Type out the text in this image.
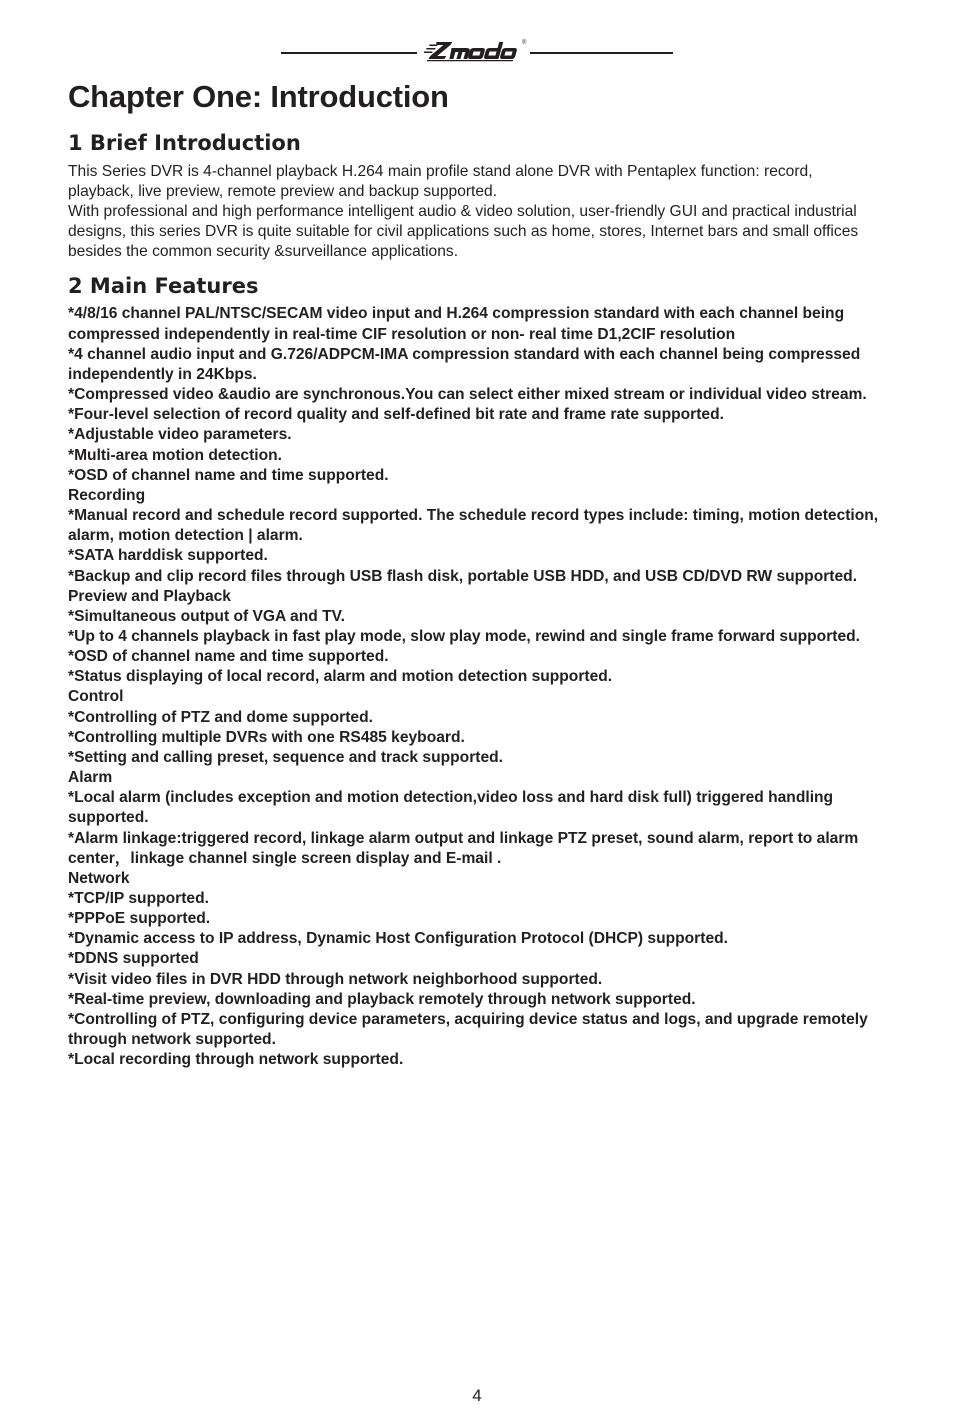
®
Chapter One: Introduction
1 Brief Introduction

This Series DVR is 4-channel playback H.264 main profile stand alone DVR with Pentaplex function: record, playback, live preview, remote preview and backup supported.

With professional and high performance intelligent audio & video solution, user-friendly GUI and practical industrial designs, this series DVR is quite suitable for civil applications such as home, stores, Internet bars and small offices besides the common security &surveillance applications.

2 Main Features
*4/8/16 channel PAL/NTSC/SECAM video input and H.264 compression standard with each channel being compressed independently in real-time CIF resolution or non- real time D1,2CIF resolution
*4 channel audio input and G.726/ADPCM-IMA compression standard with each channel being compressed independently in 24Kbps.
*Compressed video &audio are synchronous.You can select either mixed stream or individual video stream.
*Four-level selection of record quality and self-defined bit rate and frame rate supported.
*Adjustable video parameters.
*Multi-area motion detection.
*OSD of channel name and time supported.
Recording
*Manual record and schedule record supported. The schedule record types include: timing, motion detection, alarm, motion detection | alarm.
*SATA harddisk supported.
*Backup and clip record files through USB flash disk, portable USB HDD, and USB CD/DVD RW supported.
Preview and Playback
*Simultaneous output of VGA and TV.
*Up to 4 channels playback in fast play mode, slow play mode, rewind and single frame forward supported.
*OSD of channel name and time supported.
*Status displaying of local record, alarm and motion detection supported.
Control
*Controlling of PTZ and dome supported.
*Controlling multiple DVRs with one RS485 keyboard.
*Setting and calling preset, sequence and track supported.
Alarm
*Local alarm (includes exception and motion detection,video loss and hard disk full) triggered handling supported.
*Alarm linkage:triggered record, linkage alarm output and linkage PTZ preset, sound alarm, report to alarm center，linkage channel single screen display and E-mail .
Network
*TCP/IP supported.
*PPPoE supported.
*Dynamic access to IP address, Dynamic Host Configuration Protocol (DHCP) supported.
*DDNS supported
*Visit video files in DVR HDD through network neighborhood supported.
*Real-time preview, downloading and playback remotely through network supported.
*Controlling of PTZ, configuring device parameters, acquiring device status and logs, and upgrade remotely through network supported.
*Local recording through network supported.
4
